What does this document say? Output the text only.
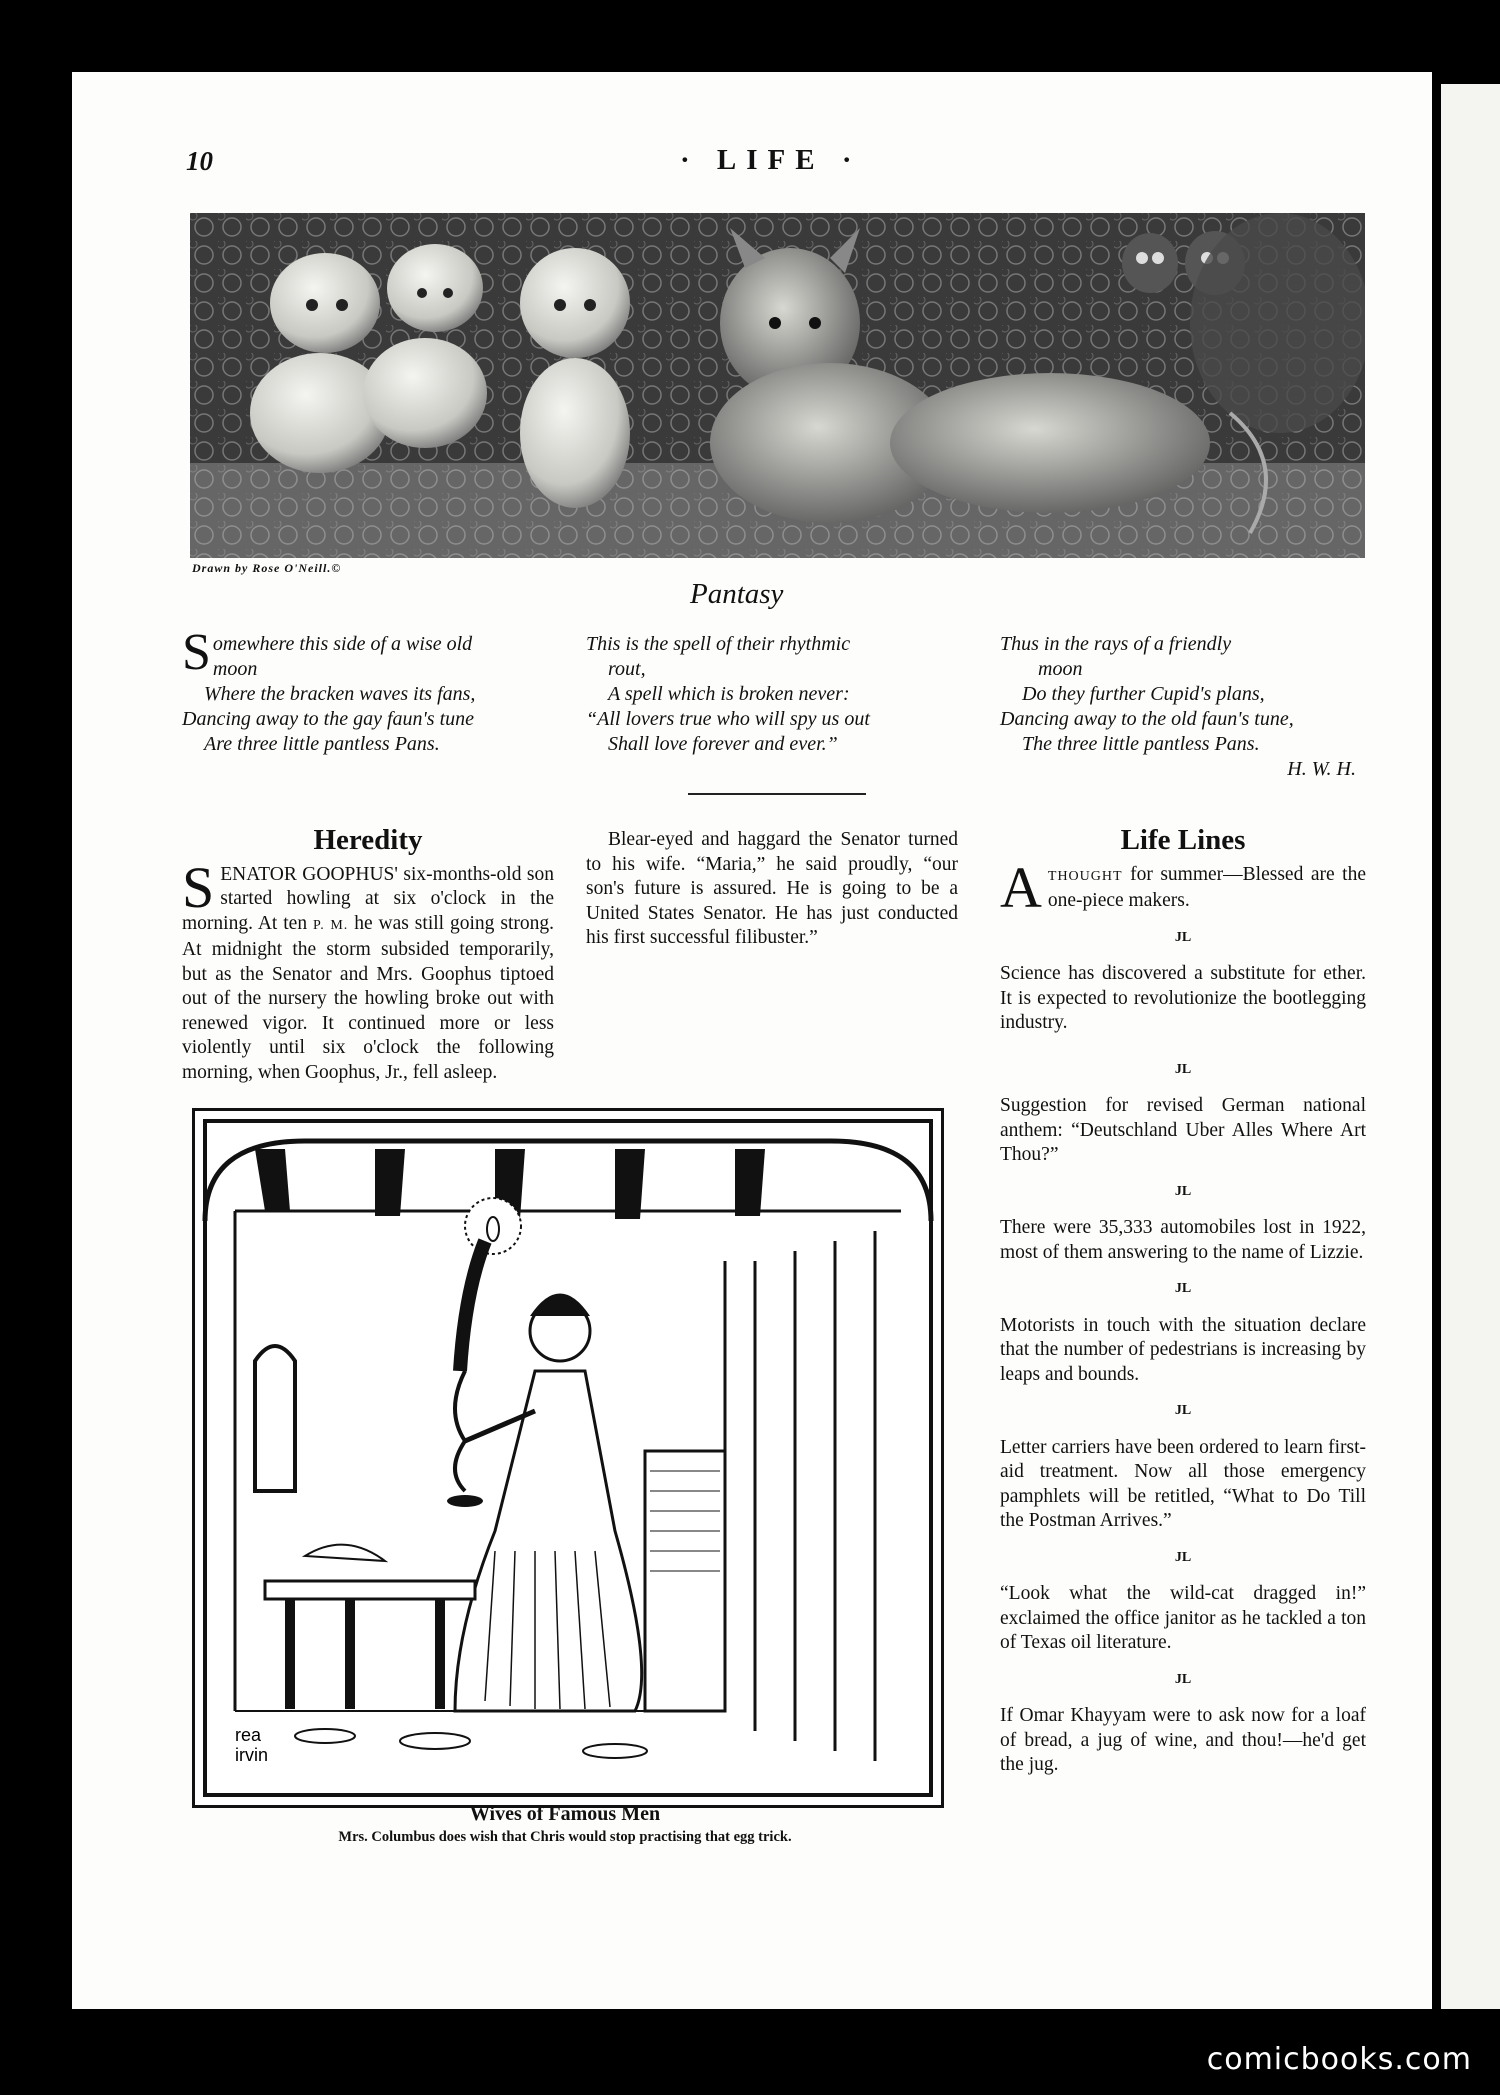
10	· LIFE ·
Drawn by Rose O'Neill.©
Pantasy
Somewhere this side of a wise old
moon
Where the bracken waves its fans,
Dancing away to the gay faun's tune
Are three little pantless Pans.
This is the spell of their rhythmic
rout,
A spell which is broken never:
“All lovers true who will spy us out
Shall love forever and ever.”
Thus in the rays of a friendly
moon
Do they further Cupid's plans,
Dancing away to the old faun's tune,
The three little pantless Pans.
H. W. H.
Heredity

SENATOR GOOPHUS' six-months-old son started howling at six o'clock in the morning. At ten P. M. he was still going strong. At midnight the storm subsided temporarily, but as the Senator and Mrs. Goophus tiptoed out of the nursery the howling broke out with renewed vigor. It continued more or less violently until six o'clock the following morning, when Goophus, Jr., fell asleep.

Blear-eyed and haggard the Senator turned to his wife. “Maria,” he said proudly, “our son's future is assured. He is going to be a United States Senator. He has just conducted his first successful filibuster.”

Life Lines

ATHOUGHT for summer—Blessed are the one-piece makers.

JL

Science has discovered a substitute for ether. It is expected to revolutionize the bootlegging industry.

JL

Suggestion for revised German national anthem: “Deutschland Uber Alles Where Art Thou?”

JL

There were 35,333 automobiles lost in 1922, most of them answering to the name of Lizzie.

JL

Motorists in touch with the situation declare that the number of pedestrians is increasing by leaps and bounds.

JL

Letter carriers have been ordered to learn first-aid treatment. Now all those emergency pamphlets will be retitled, “What to Do Till the Postman Arrives.”

JL

“Look what the wild-cat dragged in!” exclaimed the office janitor as he tackled a ton of Texas oil literature.

JL

If Omar Khayyam were to ask now for a loaf of bread, a jug of wine, and thou!—he'd get the jug.

rea
irvin
Wives of Famous Men
Mrs. Columbus does wish that Chris would stop practising that egg trick.
comicbooks.com
